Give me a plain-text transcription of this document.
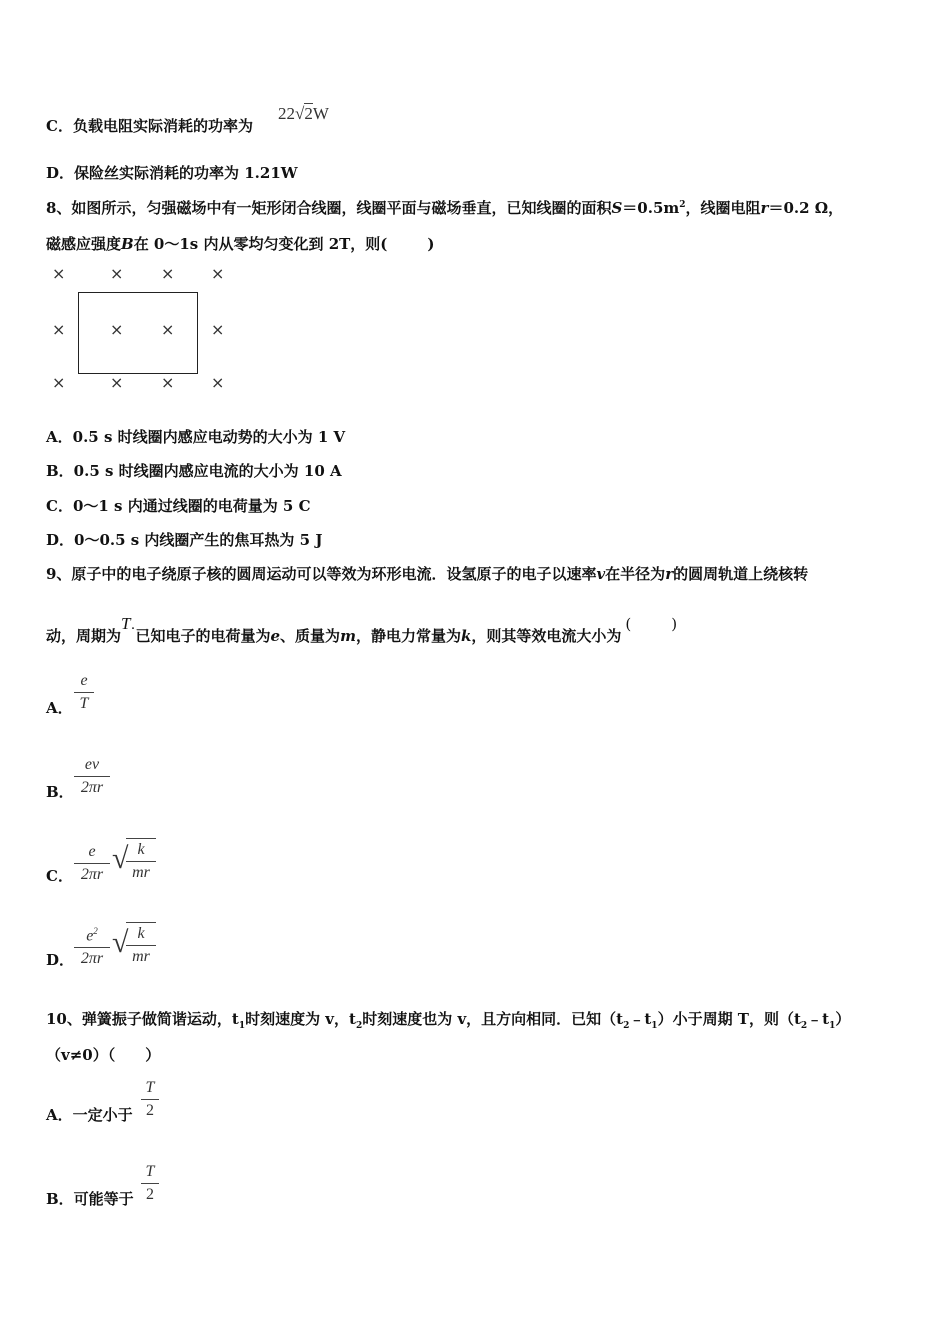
C．负载电阻实际消耗的功率为
22√2W
D．保险丝实际消耗的功率为 1.21W
8、如图所示，匀强磁场中有一矩形闭合线圈，线圈平面与磁场垂直，已知线圈的面积$S=0.5m^2$，线圈电阻r＝0.2 Ω，
磁感应强度B在 0～1s 内从零均匀变化到 2T，则(	)
×	× × ×
×	× × ×
×	× × ×
A．0.5 s 时线圈内感应电动势的大小为 1 V
B．0.5 s 时线圈内感应电流的大小为 10 A
C．0～1 s 内通过线圈的电荷量为 5 C
D．0～0.5 s 内线圈产生的焦耳热为 5 J
9、原子中的电子绕原子核的圆周运动可以等效为环形电流．设氢原子的电子以速率v在半径为r的圆周轨道上绕核转
动，周期为T·已知电子的电荷量为e、质量为m，静电力常量为k，则其等效电流大小为(	)
A．
e
T
B．
ev
2πr
C．
e
2πr √ k
mr
D．
$e^2$
2πr √ k
mr
10、弹簧振子做简谐运动，$t_1$时刻速度为 v，$t_2$时刻速度也为 v，且方向相同．已知$(t_2﹣t_1)$小于周期 T，则$(t_2﹣t_1)$
（v≠0）（　　）
A．一定小于
T
2
B．可能等于
T
2
